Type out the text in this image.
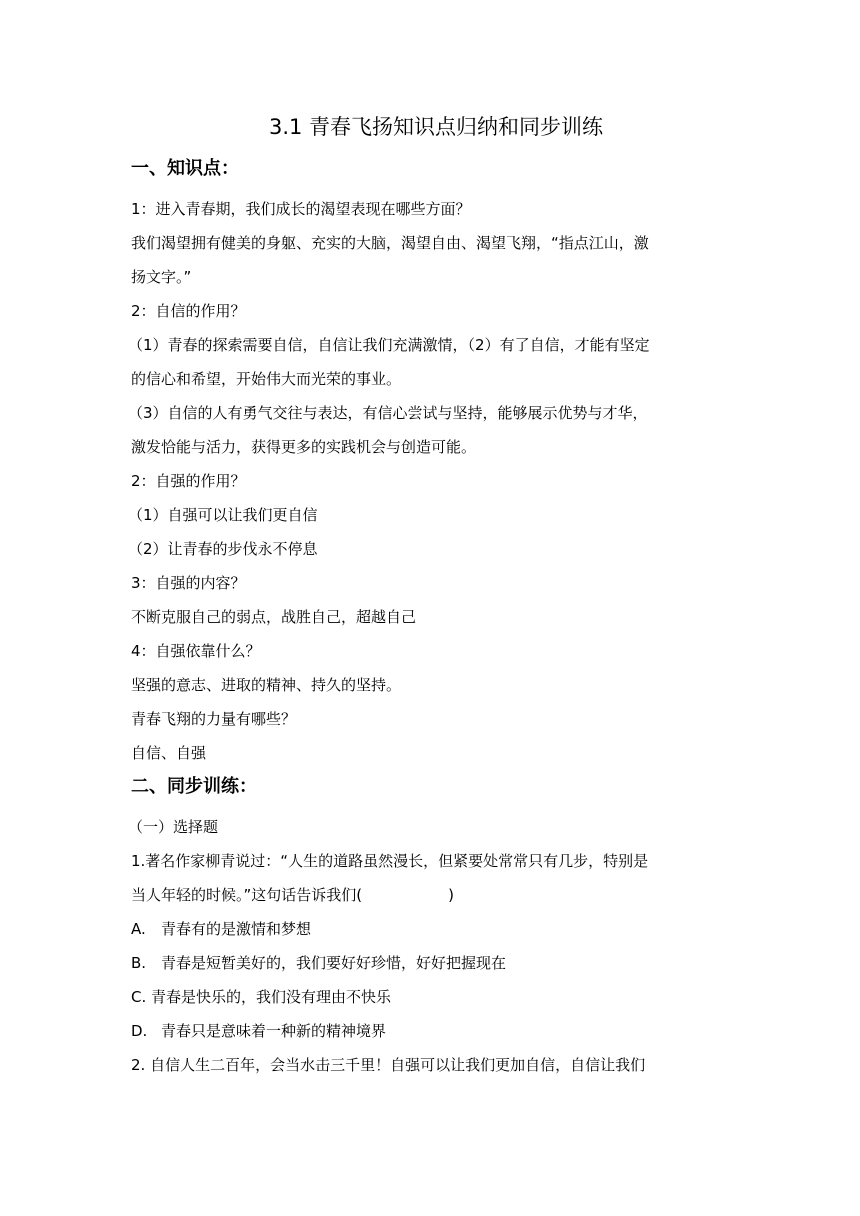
3.1 青春飞扬知识点归纳和同步训练
一、知识点：

1：进入青春期，我们成长的渴望表现在哪些方面？

我们渴望拥有健美的身躯、充实的大脑，渴望自由、渴望飞翔，“指点江山，激

扬文字。”

2：自信的作用？

（1）青春的探索需要自信，自信让我们充满激情，（2）有了自信，才能有坚定

的信心和希望，开始伟大而光荣的事业。

（3）自信的人有勇气交往与表达，有信心尝试与坚持，能够展示优势与才华，

激发恰能与活力，获得更多的实践机会与创造可能。

2：自强的作用？

（1）自强可以让我们更自信

（2）让青春的步伐永不停息

3：自强的内容？

不断克服自己的弱点，战胜自己，超越自己

4：自强依靠什么？

坚强的意志、进取的精神、持久的坚持。

青春飞翔的力量有哪些？

自信、自强

二、同步训练：

（一）选择题

1.著名作家柳青说过：“人生的道路虽然漫长，但紧要处常常只有几步，特别是

当人年轻的时候。”这句话告诉我们(	)

A. 青春有的是激情和梦想

B. 青春是短暂美好的，我们要好好珍惜，好好把握现在

C. 青春是快乐的，我们没有理由不快乐

D. 青春只是意味着一种新的精神境界

2. 自信人生二百年，会当水击三千里！自强可以让我们更加自信，自信让我们
